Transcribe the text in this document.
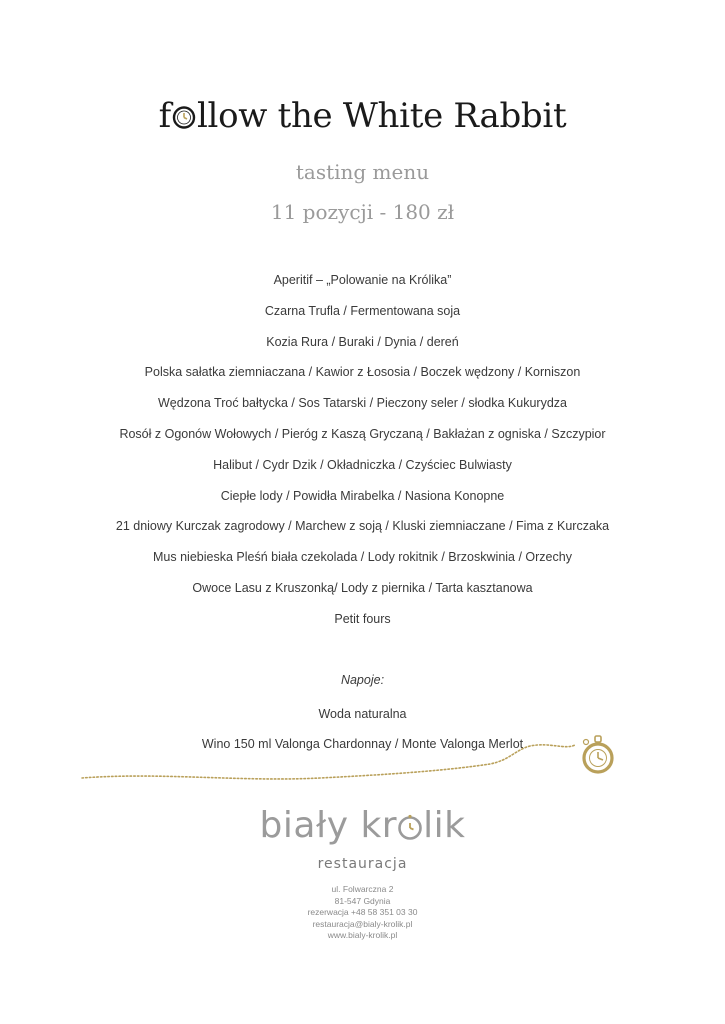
f llow the White Rabbit
tasting menu
11 pozycji - 180 zł
Aperitif – „Polowanie na Królika”
Czarna Trufla / Fermentowana soja
Kozia Rura / Buraki / Dynia / dereń
Polska sałatka ziemniaczana / Kawior z Łososia / Boczek wędzony / Korniszon
Wędzona Troć bałtycka / Sos Tatarski / Pieczony seler / słodka Kukurydza
Rosół z Ogonów Wołowych / Pieróg z Kaszą Gryczaną / Bakłażan z ogniska / Szczypior
Halibut / Cydr Dzik / Okładniczka / Czyściec Bulwiasty
Ciepłe lody / Powidła Mirabelka / Nasiona Konopne
21 dniowy Kurczak zagrodowy / Marchew z soją / Kluski ziemniaczane / Fima z Kurczaka
Mus niebieska Pleśń biała czekolada / Lody rokitnik / Brzoskwinia / Orzechy
Owoce Lasu z Kruszonką/ Lody z piernika / Tarta kasztanowa
Petit fours
Napoje:
Woda naturalna
Wino 150 ml Valonga Chardonnay / Monte Valonga Merlot
biały kr lik
restauracja
ul. Folwarczna 2
81-547 Gdynia
rezerwacja +48 58 351 03 30
restauracja@bialy-krolik.pl
www.bialy-krolik.pl
